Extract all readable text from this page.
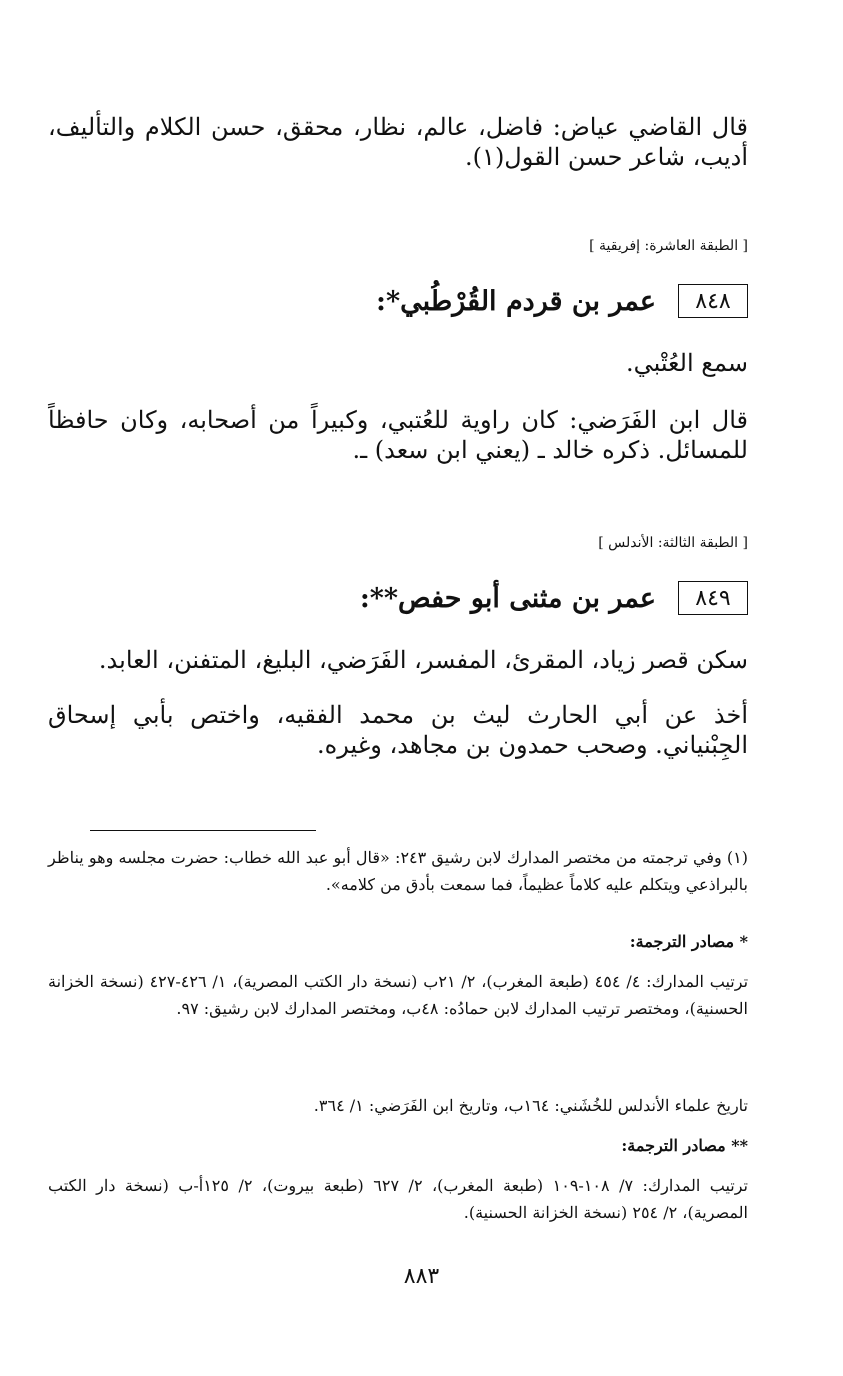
قال القاضي عياض: فاضل، عالم، نظار، محقق، حسن الكلام والتأليف، أديب، شاعر حسن القول(١).

[ الطبقة العاشرة: إفريقية ]

٨٤٨
عمر بن قردم القُرْطُبي*:

سمع العُتْبي.

قال ابن الفَرَضي: كان راوية للعُتبي، وكبيراً من أصحابه، وكان حافظاً للمسائل. ذكره خالد ـ (يعني ابن سعد) ـ.

[ الطبقة الثالثة: الأندلس ]

٨٤٩
عمر بن مثنى أبو حفص**:

سكن قصر زياد، المقرئ، المفسر، الفَرَضي، البليغ، المتفنن، العابد.

أخذ عن أبي الحارث ليث بن محمد الفقيه، واختص بأبي إسحاق الجِبْنياني. وصحب حمدون بن مجاهد، وغيره.

(١) وفي ترجمته من مختصر المدارك لابن رشيق ٢٤٣: «قال أبو عبد الله خطاب: حضرت مجلسه وهو يناظر بالبراذعي ويتكلم عليه كلاماً عظيماً، فما سمعت بأدق من كلامه».

* مصادر الترجمة:

ترتيب المدارك: ٤/ ٤٥٤ (طبعة المغرب)، ٢/ ٢١ب (نسخة دار الكتب المصرية)، ١/ ٤٢٦-٤٢٧ (نسخة الخزانة الحسنية)، ومختصر ترتيب المدارك لابن حمادُه: ٤٨ب، ومختصر المدارك لابن رشيق: ٩٧.

تاريخ علماء الأندلس للخُشَني: ١٦٤ب، وتاريخ ابن الفَرَضي: ١/ ٣٦٤.

** مصادر الترجمة:

ترتيب المدارك: ٧/ ١٠٨-١٠٩ (طبعة المغرب)، ٢/ ٦٢٧ (طبعة بيروت)، ٢/ ١٢٥أ-ب (نسخة دار الكتب المصرية)، ٢/ ٢٥٤ (نسخة الخزانة الحسنية).

٨٨٣
